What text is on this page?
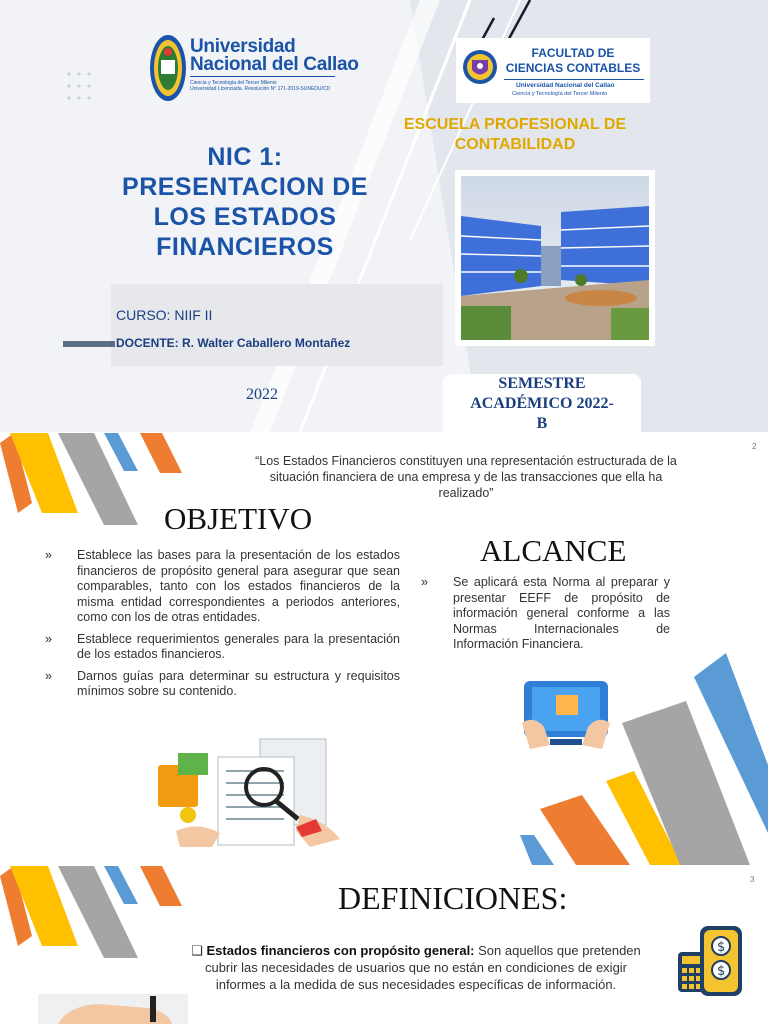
Universidad
Nacional del Callao
Ciencia y Tecnología del Tercer Milenio
Universidad Licenciada. Resolución N° 171-2019-SUNEDU/CD
FACULTAD DE CIENCIAS CONTABLES
Universidad Nacional del Callao
Ciencia y Tecnología del Tercer Milenio
ESCUELA PROFESIONAL DE CONTABILIDAD
NIC 1:
PRESENTACION DE
LOS ESTADOS
FINANCIEROS
CURSO: NIIF II
DOCENTE: R. Walter Caballero Montañez
2022
SEMESTRE
ACADÉMICO 2022-
B
2
“Los Estados Financieros constituyen una representación estructurada de la
situación financiera de una empresa y de las transacciones que ella ha
realizado”
OBJETIVO
» Establece las bases para la presentación de los estados financieros de propósito general para asegurar que sean comparables, tanto con los estados financieros de la misma entidad correspondientes a periodos anteriores, como con los de otras entidades.
» Establece requerimientos generales para la presentación de los estados financieros.
» Darnos guías para determinar su estructura y requisitos mínimos sobre su contenido.
ALCANCE
» Se aplicará esta Norma al preparar y presentar EEFF de propósito de información general conforme a las Normas Internacionales de Información Financiera.
3
DEFINICIONES:
❑ Estados financieros con propósito general: Son aquellos que pretenden
cubrir las necesidades de usuarios que no están en condiciones de exigir
informes a la medida de sus necesidades específicas de información.
$
$
